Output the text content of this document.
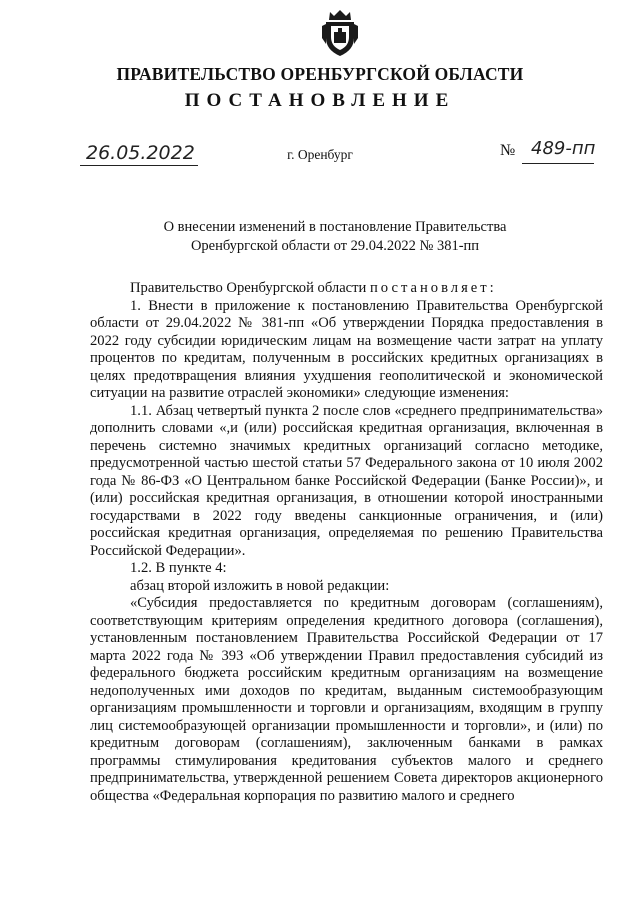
ПРАВИТЕЛЬСТВО ОРЕНБУРГСКОЙ ОБЛАСТИ
ПОСТАНОВЛЕНИЕ
26.05.2022	г. Оренбург	№ 489-пп
О внесении изменений в постановление Правительства
Оренбургской области от 29.04.2022 № 381-пп

Правительство Оренбургской области постановляет:

1. Внести в приложение к постановлению Правительства Оренбургской области от 29.04.2022 № 381-пп «Об утверждении Порядка предоставления в 2022 году субсидии юридическим лицам на возмещение части затрат на уплату процентов по кредитам, полученным в российских кредитных организациях в целях предотвращения влияния ухудшения геополитической и экономической ситуации на развитие отраслей экономики» следующие изменения:

1.1. Абзац четвертый пункта 2 после слов «среднего предпринимательства» дополнить словами «,и (или) российская кредитная организация, включенная в перечень системно значимых кредитных организаций согласно методике, предусмотренной частью шестой статьи 57 Федерального закона от 10 июля 2002 года № 86-ФЗ «О Центральном банке Российской Федерации (Банке России)», и (или) российская кредитная организация, в отношении которой иностранными государствами в 2022 году введены санкционные ограничения, и (или) российская кредитная организация, определяемая по решению Правительства Российской Федерации».

1.2. В пункте 4:

абзац второй изложить в новой редакции:

«Субсидия предоставляется по кредитным договорам (соглашениям), соответствующим критериям определения кредитного договора (соглашения), установленным постановлением Правительства Российской Федерации от 17 марта 2022 года № 393 «Об утверждении Правил предоставления субсидий из федерального бюджета российским кредитным организациям на возмещение недополученных ими доходов по кредитам, выданным системообразующим организациям промышленности и торговли и организациям, входящим в группу лиц системообразующей организации промышленности и торговли», и (или) по кредитным договорам (соглашениям), заключенным банками в рамках программы стимулирования кредитования субъектов малого и среднего предпринимательства, утвержденной решением Совета директоров акционерного общества «Федеральная корпорация по развитию малого и среднего
